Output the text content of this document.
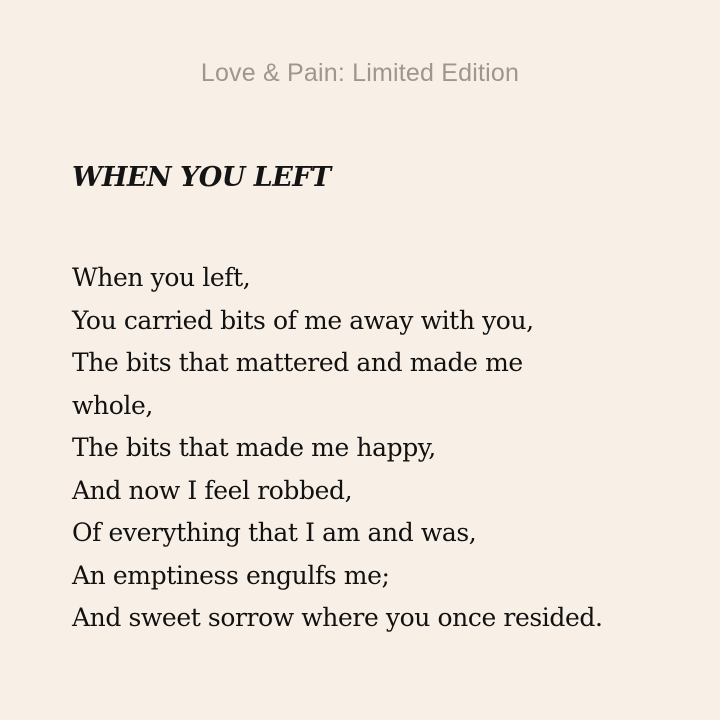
Love & Pain: Limited Edition
WHEN YOU LEFT
When you left,
You carried bits of me away with you,
The bits that mattered and made me
whole,
The bits that made me happy,
And now I feel robbed,
Of everything that I am and was,
An emptiness engulfs me;
And sweet sorrow where you once resided.
